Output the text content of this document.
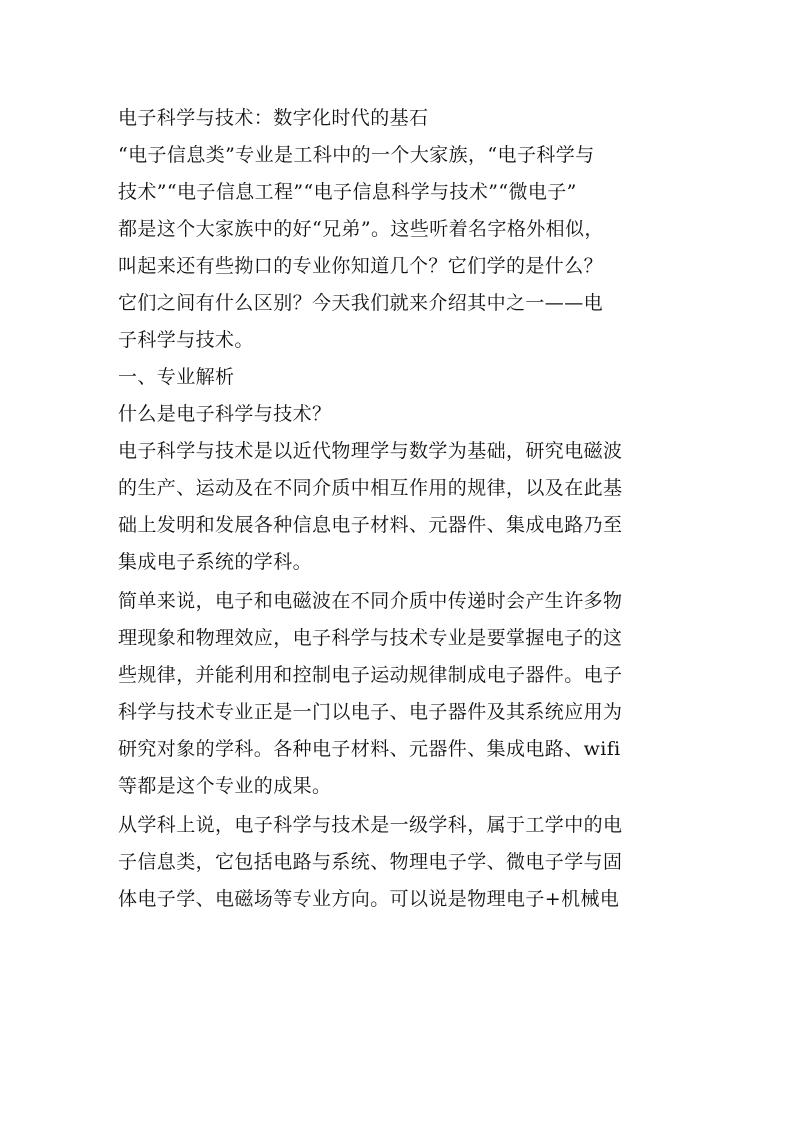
电子科学与技术：数字化时代的基石
“电子信息类”专业是工科中的一个大家族，“电子科学与
技术”“电子信息工程”“电子信息科学与技术”“微电子”
都是这个大家族中的好“兄弟”。这些听着名字格外相似，
叫起来还有些拗口的专业你知道几个？它们学的是什么？
它们之间有什么区别？今天我们就来介绍其中之一——电
子科学与技术。
一、专业解析
什么是电子科学与技术？
电子科学与技术是以近代物理学与数学为基础，研究电磁波
的生产、运动及在不同介质中相互作用的规律，以及在此基
础上发明和发展各种信息电子材料、元器件、集成电路乃至
集成电子系统的学科。
简单来说，电子和电磁波在不同介质中传递时会产生许多物
理现象和物理效应，电子科学与技术专业是要掌握电子的这
些规律，并能利用和控制电子运动规律制成电子器件。电子
科学与技术专业正是一门以电子、电子器件及其系统应用为
研究对象的学科。各种电子材料、元器件、集成电路、wifi
等都是这个专业的成果。
从学科上说，电子科学与技术是一级学科，属于工学中的电
子信息类，它包括电路与系统、物理电子学、微电子学与固
体电子学、电磁场等专业方向。可以说是物理电子+机械电
